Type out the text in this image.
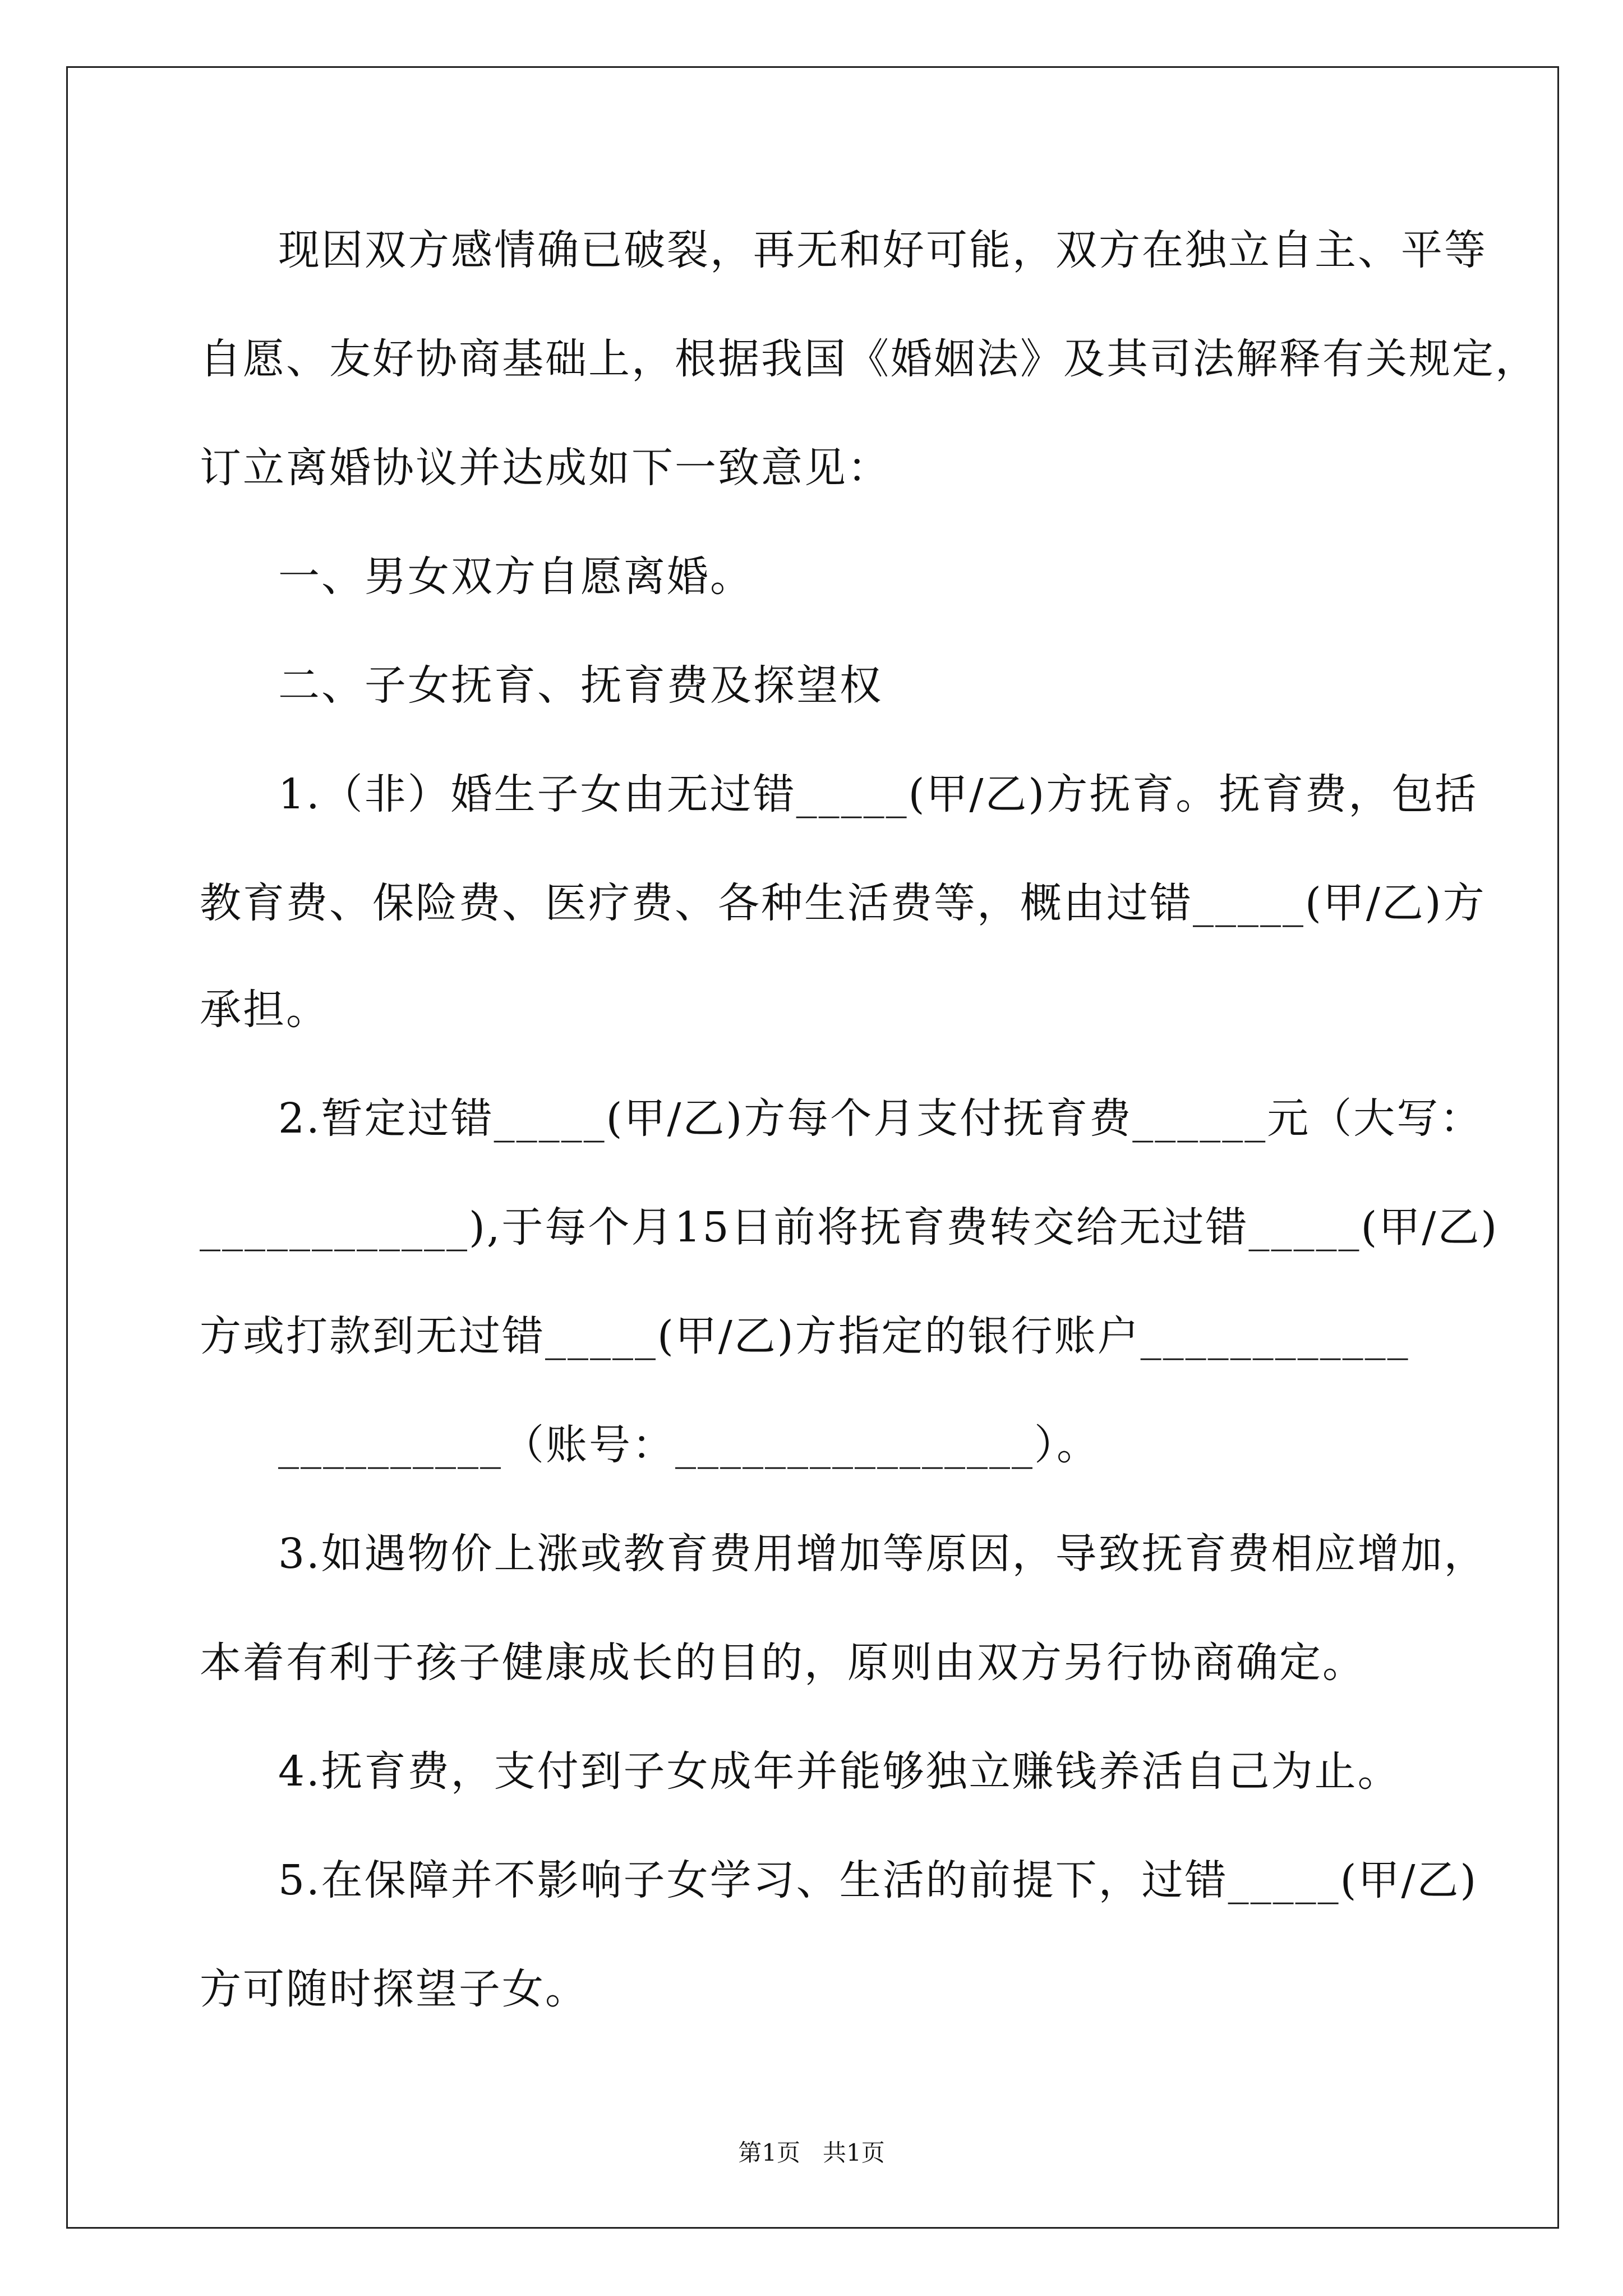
现因双方感情确已破裂，再无和好可能，双方在独立自主、平等
自愿、友好协商基础上，根据我国《婚姻法》及其司法解释有关规定，
订立离婚协议并达成如下一致意见：
一、男女双方自愿离婚。
二、子女抚育、抚育费及探望权
1.（非）婚生子女由无过错_____(甲/乙)方抚育。抚育费，包括
教育费、保险费、医疗费、各种生活费等，概由过错_____(甲/乙)方
承担。
2.暂定过错_____(甲/乙)方每个月支付抚育费______元（大写：
____________),于每个月15日前将抚育费转交给无过错_____(甲/乙)
方或打款到无过错_____(甲/乙)方指定的银行账户____________
__________（账号：________________）。
3.如遇物价上涨或教育费用增加等原因，导致抚育费相应增加，
本着有利于孩子健康成长的目的，原则由双方另行协商确定。
4.抚育费，支付到子女成年并能够独立赚钱养活自己为止。
5.在保障并不影响子女学习、生活的前提下，过错_____(甲/乙)
方可随时探望子女。
第1页 共1页
